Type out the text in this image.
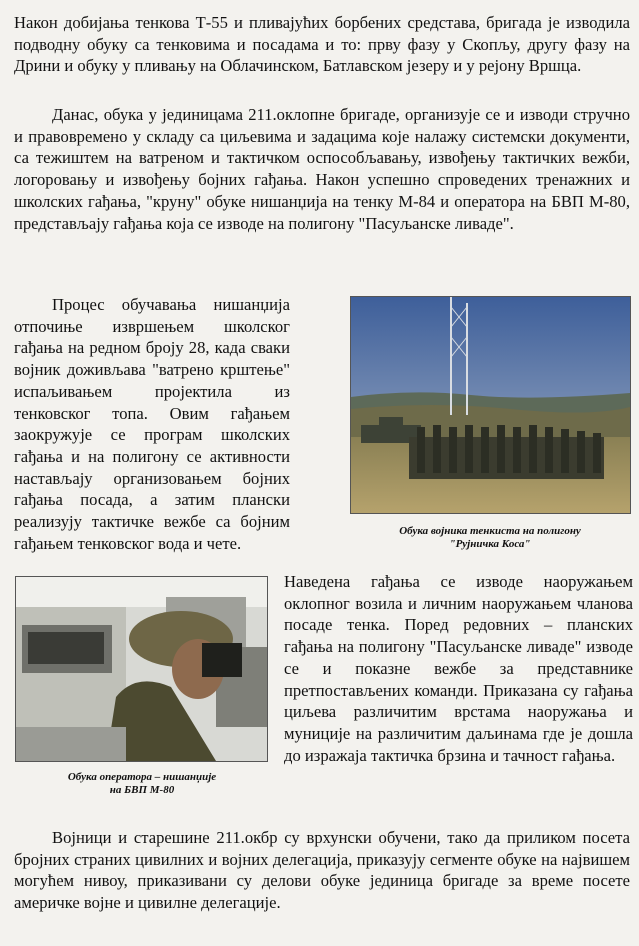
Након добијања тенкова Т-55 и пливајућих борбених средстава, бригада је изводила подводну обуку са тенковима и посадама и то: прву фазу у Скопљу, другу фазу на Дрини и обуку у пливању на Облачинском, Батлавском језеру и у рејону Вршца.

Данас, обука у јединицама 211.оклопне бригаде, организује се и изводи стручно и правовремено у складу са циљевима и задацима које налажу системски документи, са тежиштем на ватреном и тактичком оспособљавању, извођењу тактичких вежби, логоровању и извођењу бојних гађања. Након успешно спроведених тренажних и школских гађања, "круну" обуке нишанџија на тенку М-84 и оператора на БВП М-80, представљају гађања која се изводе на полигону "Пасуљанске ливаде".

Процес обучавања нишанџија отпочиње извршењем школског гађања на редном броју 28, када сваки војник доживљава "ватрено крштење" испаљивањем пројектила из тенковског топа. Овим гађањем заокружује се програм школских гађања и на полигону се активности настављају организовањем бојних гађања посада, а затим плански реализују тактичке вежбе са бојним гађањем тенковског вода и чете.

Обука војника тенкиста на полигону
"Рујничка Коса"
Обука оператора – нишанџије
на БВП М-80

Наведена гађања се изводе наоружањем оклопног возила и личним наоружањем чланова посаде тенка. Поред редовних – планских гађања на полигону "Пасуљанске ливаде" изводе се и показне вежбе за представнике претпостављених команди. Приказана су гађања циљева различитим врстама наоружања и муниције на различитим даљинама где је дошла до изражаја тактичка брзина и тачност гађања.

Војници и старешине 211.окбр су врхунски обучени, тако да приликом посета бројних страних цивилних и војних делегација, приказују сегменте обуке на највишем могућем нивоу, приказивани су делови обуке јединица бригаде за време посете америчке војне и цивилне делегације.
